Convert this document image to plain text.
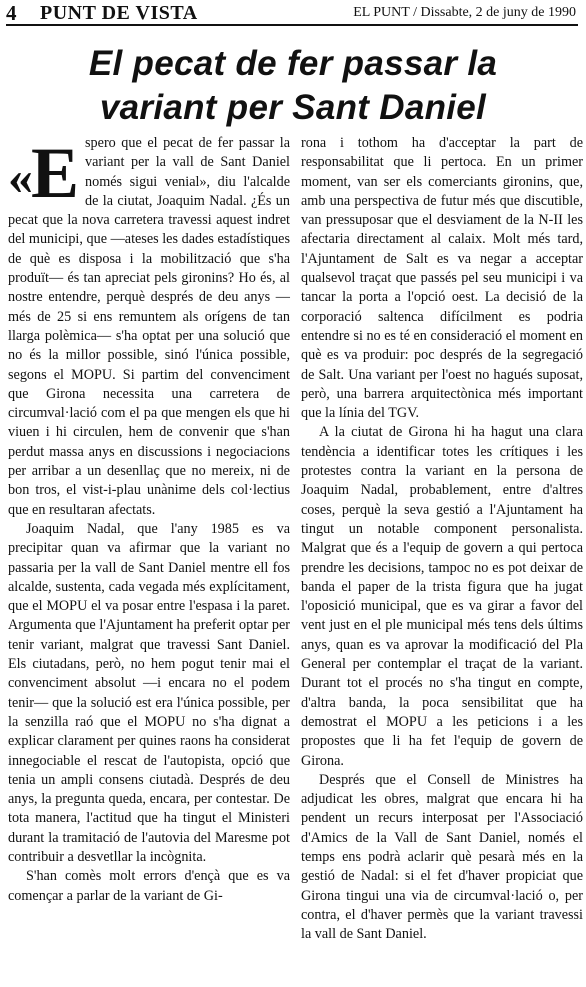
4 PUNT DE VISTA	EL PUNT / Dissabte, 2 de juny de 1990
El pecat de fer passar la
variant per Sant Daniel

«E spero que el pecat de fer passar la variant per la vall de Sant Daniel només sigui venial», diu l'alcalde de la ciutat, Joaquim Nadal. ¿És un pecat que la nova carretera travessi aquest indret del municipi, que —ateses les dades estadístiques de què es disposa i la mobilització que s'ha produït— és tan apreciat pels gironins? Ho és, al nostre entendre, perquè després de deu anys —més de 25 si ens remuntem als orígens de tan llarga polèmica— s'ha optat per una solució que no és la millor possible, sinó l'única possible, segons el MOPU. Si partim del convenciment que Girona necessita una carretera de circumval·lació com el pa que mengen els que hi viuen i hi circulen, hem de convenir que s'han perdut massa anys en discussions i negociacions per arribar a un desenllaç que no mereix, ni de bon tros, el vist-i-plau unànime dels col·lectius que en resultaran afectats.

Joaquim Nadal, que l'any 1985 es va precipitar quan va afirmar que la variant no passaria per la vall de Sant Daniel mentre ell fos alcalde, sustenta, cada vegada més explícitament, que el MOPU el va posar entre l'espasa i la paret. Argumenta que l'Ajuntament ha preferit optar per tenir variant, malgrat que travessi Sant Daniel. Els ciutadans, però, no hem pogut tenir mai el convenciment absolut —i encara no el podem tenir— que la solució est era l'única possible, per la senzilla raó que el MOPU no s'ha dignat a explicar clarament per quines raons ha considerat innegociable el rescat de l'autopista, opció que tenia un ampli consens ciutadà. Després de deu anys, la pregunta queda, encara, per contestar. De tota manera, l'actitud que ha tingut el Ministeri durant la tramitació de l'autovia del Maresme pot contribuir a desvetllar la incògnita.

S'han comès molt errors d'ençà que es va començar a parlar de la variant de Gi-

rona i tothom ha d'acceptar la part de responsabilitat que li pertoca. En un primer moment, van ser els comerciants gironins, que, amb una perspectiva de futur més que discutible, van pressuposar que el desviament de la N-II les afectaria directament al calaix. Molt més tard, l'Ajuntament de Salt es va negar a acceptar qualsevol traçat que passés pel seu municipi i va tancar la porta a l'opció oest. La decisió de la corporació saltenca difícilment es podria entendre si no es té en consideració el moment en què es va produir: poc després de la segregació de Salt. Una variant per l'oest no hagués suposat, però, una barrera arquitectònica més important que la línia del TGV.

A la ciutat de Girona hi ha hagut una clara tendència a identificar totes les crítiques i les protestes contra la variant en la persona de Joaquim Nadal, probablement, entre d'altres coses, perquè la seva gestió a l'Ajuntament ha tingut un notable component personalista. Malgrat que és a l'equip de govern a qui pertoca prendre les decisions, tampoc no es pot deixar de banda el paper de la trista figura que ha jugat l'oposició municipal, que es va girar a favor del vent just en el ple municipal més tens dels últims anys, quan es va aprovar la modificació del Pla General per contemplar el traçat de la variant. Durant tot el procés no s'ha tingut en compte, d'altra banda, la poca sensibilitat que ha demostrat el MOPU a les peticions i a les propostes que li ha fet l'equip de govern de Girona.

Després que el Consell de Ministres ha adjudicat les obres, malgrat que encara hi ha pendent un recurs interposat per l'Associació d'Amics de la Vall de Sant Daniel, només el temps ens podrà aclarir què pesarà més en la gestió de Nadal: si el fet d'haver propiciat que Girona tingui una via de circumval·lació o, per contra, el d'haver permès que la variant travessi la vall de Sant Daniel.
